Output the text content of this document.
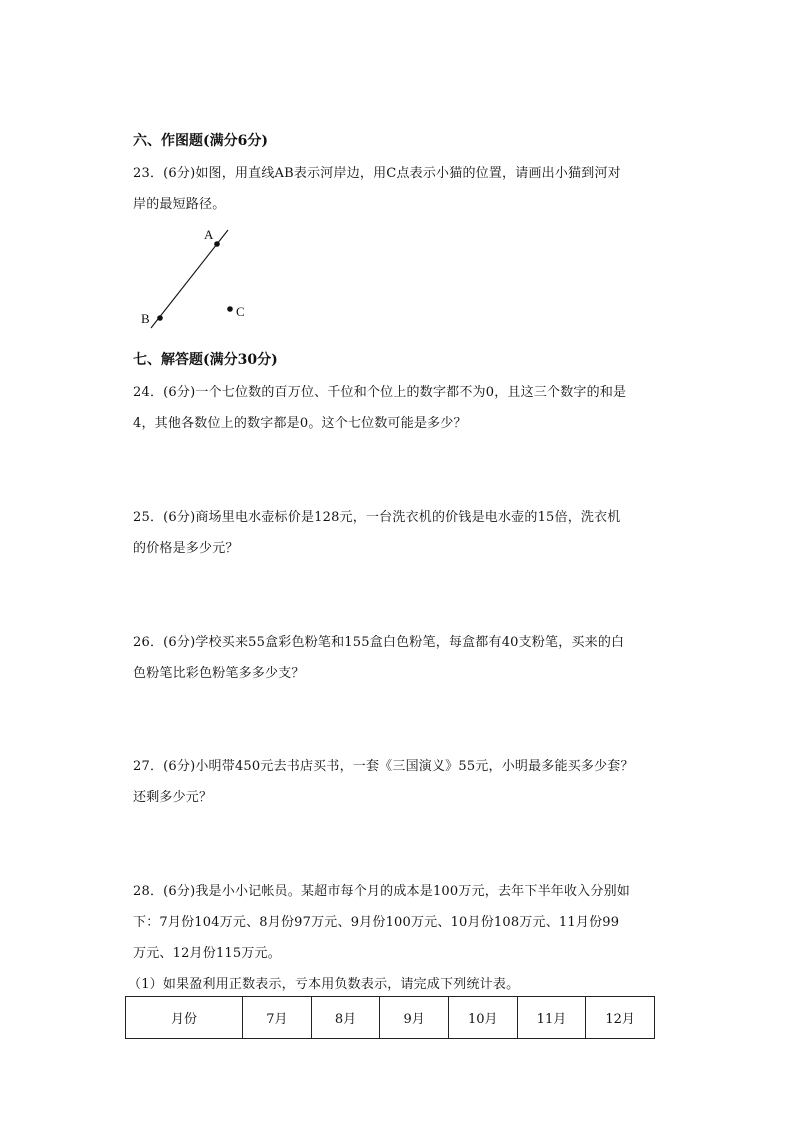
六、作图题(满分6分)
23．(6分)如图，用直线AB表示河岸边，用C点表示小猫的位置，请画出小猫到河对
岸的最短路径。
A
B	C
七、解答题(满分30分)
24．(6分)一个七位数的百万位、千位和个位上的数字都不为0，且这三个数字的和是
4，其他各数位上的数字都是0。这个七位数可能是多少？
25．(6分)商场里电水壶标价是128元，一台洗衣机的价钱是电水壶的15倍，洗衣机
的价格是多少元？
26．(6分)学校买来55盒彩色粉笔和155盒白色粉笔，每盒都有40支粉笔，买来的白
色粉笔比彩色粉笔多多少支？
27．(6分)小明带450元去书店买书，一套《三国演义》55元，小明最多能买多少套？
还剩多少元？
28．(6分)我是小小记帐员。某超市每个月的成本是100万元，去年下半年收入分别如
下：7月份104万元、8月份97万元、9月份100万元、10月份108万元、11月份99
万元、12月份115万元。
（1）如果盈利用正数表示，亏本用负数表示，请完成下列统计表。
月份	7月	8月	9月	10月	11月	12月
